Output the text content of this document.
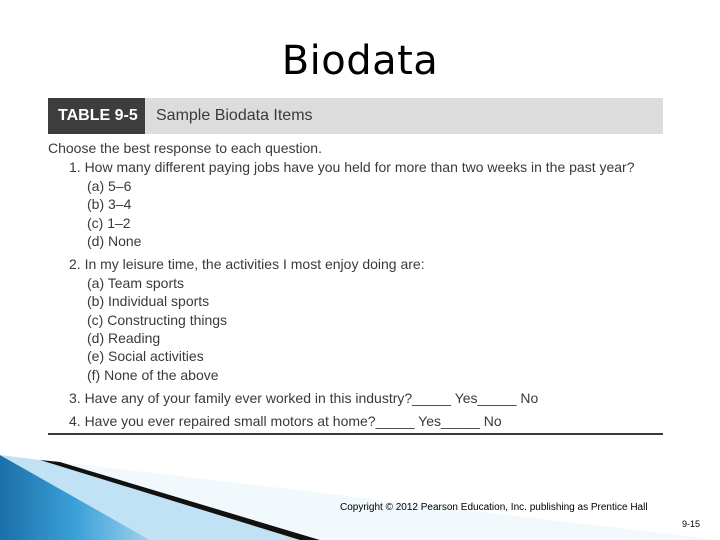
Biodata
TABLE 9-5	Sample Biodata Items
Choose the best response to each question.
1. How many different paying jobs have you held for more than two weeks in the past year?
(a) 5–6
(b) 3–4
(c) 1–2
(d) None
2. In my leisure time, the activities I most enjoy doing are:
(a) Team sports
(b) Individual sports
(c) Constructing things
(d) Reading
(e) Social activities
(f) None of the above
3. Have any of your family ever worked in this industry?_____ Yes_____ No
4. Have you ever repaired small motors at home?_____ Yes_____ No
Copyright © 2012 Pearson Education, Inc. publishing as Prentice Hall
9-15
